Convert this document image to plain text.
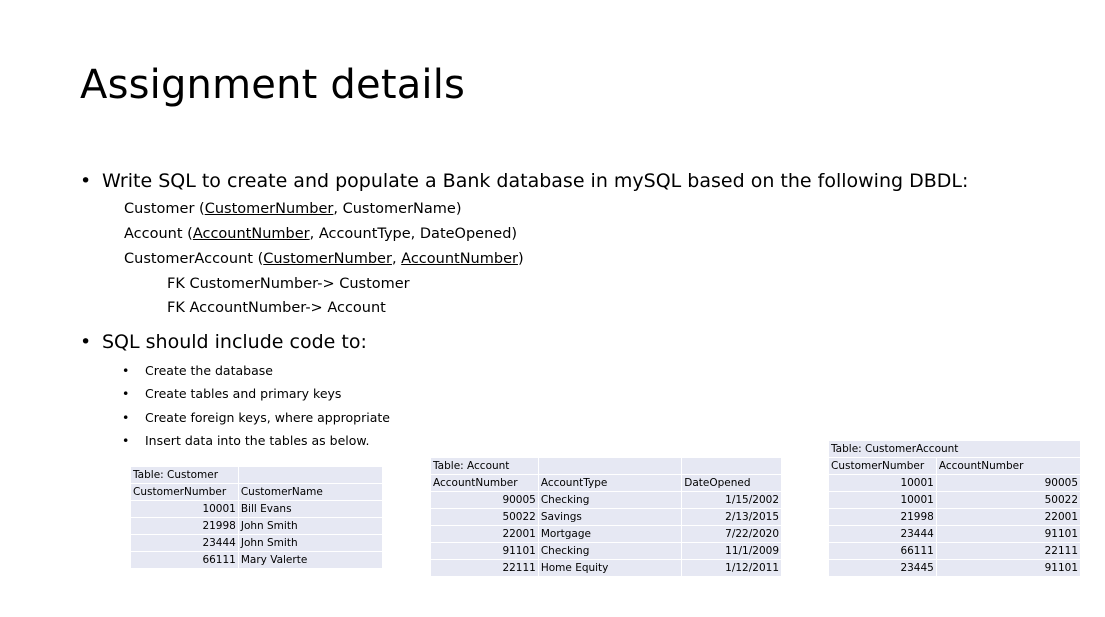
Assignment details
• Write SQL to create and populate a Bank database in mySQL based on the following DBDL:
Customer (CustomerNumber, CustomerName)
Account (AccountNumber, AccountType, DateOpened)
CustomerAccount (CustomerNumber, AccountNumber)
FK CustomerNumber-> Customer
FK AccountNumber-> Account
• SQL should include code to:
• Create the database
• Create tables and primary keys
• Create foreign keys, where appropriate
• Insert data into the tables as below.
Table: Customer	
CustomerNumber	CustomerName
10001	Bill Evans
21998	John Smith
23444	John Smith
66111	Mary Valerte
Table: Account		
AccountNumber	AccountType	DateOpened
90005	Checking	1/15/2002
50022	Savings	2/13/2015
22001	Mortgage	7/22/2020
91101	Checking	11/1/2009
22111	Home Equity	1/12/2011
Table: CustomerAccount	
CustomerNumber	AccountNumber
10001	90005
10001	50022
21998	22001
23444	91101
66111	22111
23445	91101
